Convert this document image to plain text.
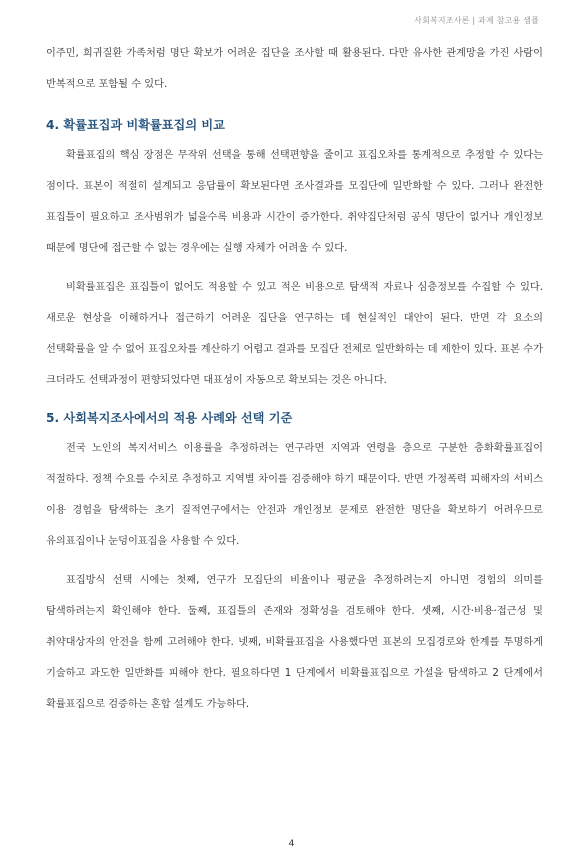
사회복지조사론 | 과제 참고용 샘플

이주민, 희귀질환 가족처럼 명단 확보가 어려운 집단을 조사할 때 활용된다. 다만 유사한 관계망을 가진 사람이 반복적으로 포함될 수 있다.

4. 확률표집과 비확률표집의 비교

확률표집의 핵심 장점은 무작위 선택을 통해 선택편향을 줄이고 표집오차를 통계적으로 추정할 수 있다는 점이다. 표본이 적절히 설계되고 응답률이 확보된다면 조사결과를 모집단에 일반화할 수 있다. 그러나 완전한 표집틀이 필요하고 조사범위가 넓을수록 비용과 시간이 증가한다. 취약집단처럼 공식 명단이 없거나 개인정보 때문에 명단에 접근할 수 없는 경우에는 실행 자체가 어려울 수 있다.

비확률표집은 표집틀이 없어도 적용할 수 있고 적은 비용으로 탐색적 자료나 심층정보를 수집할 수 있다. 새로운 현상을 이해하거나 접근하기 어려운 집단을 연구하는 데 현실적인 대안이 된다. 반면 각 요소의 선택확률을 알 수 없어 표집오차를 계산하기 어렵고 결과를 모집단 전체로 일반화하는 데 제한이 있다. 표본 수가 크더라도 선택과정이 편향되었다면 대표성이 자동으로 확보되는 것은 아니다.

5. 사회복지조사에서의 적용 사례와 선택 기준

전국 노인의 복지서비스 이용률을 추정하려는 연구라면 지역과 연령을 층으로 구분한 층화확률표집이 적절하다. 정책 수요를 수치로 추정하고 지역별 차이를 검증해야 하기 때문이다. 반면 가정폭력 피해자의 서비스 이용 경험을 탐색하는 초기 질적연구에서는 안전과 개인정보 문제로 완전한 명단을 확보하기 어려우므로 유의표집이나 눈덩이표집을 사용할 수 있다.

표집방식 선택 시에는 첫째, 연구가 모집단의 비율이나 평균을 추정하려는지 아니면 경험의 의미를 탐색하려는지 확인해야 한다. 둘째, 표집틀의 존재와 정확성을 검토해야 한다. 셋째, 시간·비용·접근성 및 취약대상자의 안전을 함께 고려해야 한다. 넷째, 비확률표집을 사용했다면 표본의 모집경로와 한계를 투명하게 기술하고 과도한 일반화를 피해야 한다. 필요하다면 1 단계에서 비확률표집으로 가설을 탐색하고 2 단계에서 확률표집으로 검증하는 혼합 설계도 가능하다.

4
